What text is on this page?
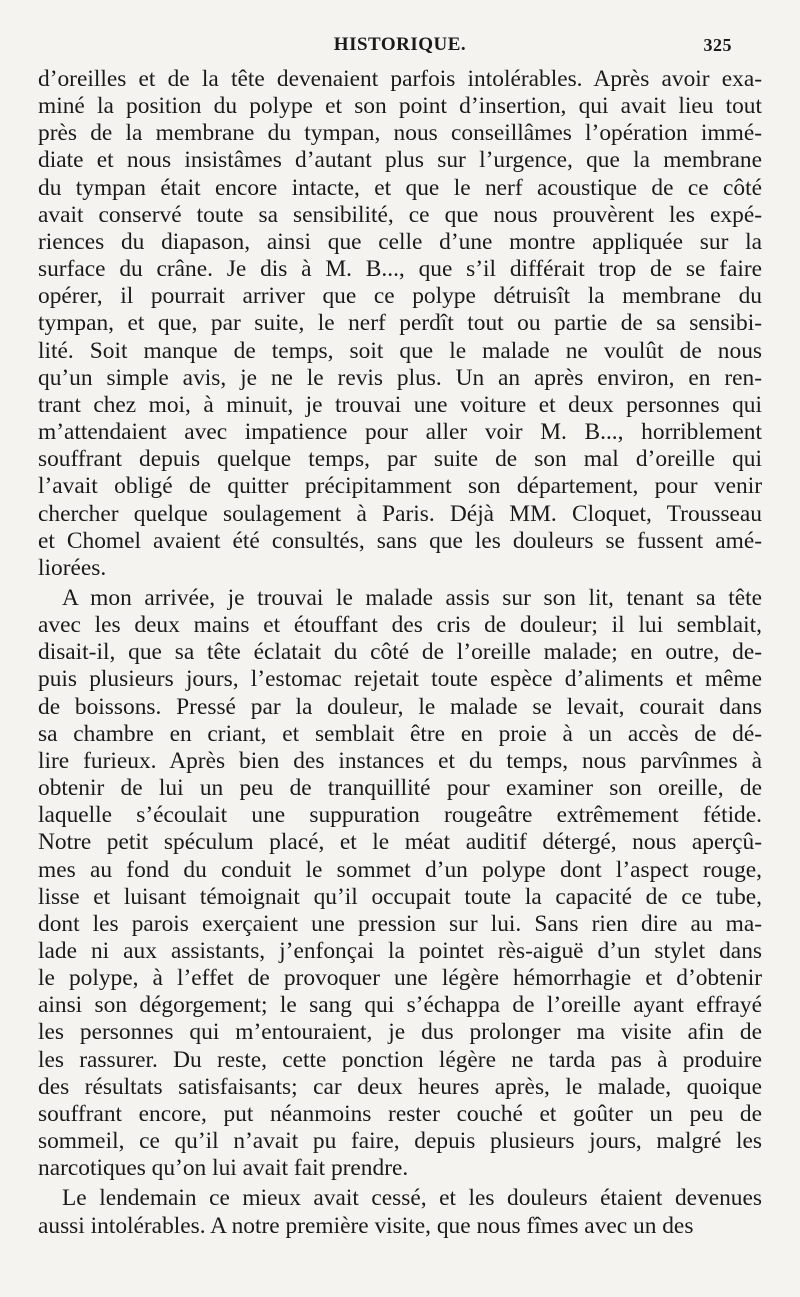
HISTORIQUE.	325
d’oreilles et de la tête devenaient parfois intolérables. Après avoir exa-
miné la position du polype et son point d’insertion, qui avait lieu tout
près de la membrane du tympan, nous conseillâmes l’opération immé-
diate et nous insistâmes d’autant plus sur l’urgence, que la membrane
du tympan était encore intacte, et que le nerf acoustique de ce côté
avait conservé toute sa sensibilité, ce que nous prouvèrent les expé-
riences du diapason, ainsi que celle d’une montre appliquée sur la
surface du crâne. Je dis à M. B..., que s’il différait trop de se faire
opérer, il pourrait arriver que ce polype détruisît la membrane du
tympan, et que, par suite, le nerf perdît tout ou partie de sa sensibi-
lité. Soit manque de temps, soit que le malade ne voulût de nous
qu’un simple avis, je ne le revis plus. Un an après environ, en ren-
trant chez moi, à minuit, je trouvai une voiture et deux personnes qui
m’attendaient avec impatience pour aller voir M. B..., horriblement
souffrant depuis quelque temps, par suite de son mal d’oreille qui
l’avait obligé de quitter précipitamment son département, pour venir
chercher quelque soulagement à Paris. Déjà MM. Cloquet, Trousseau
et Chomel avaient été consultés, sans que les douleurs se fussent amé-
liorées.
A mon arrivée, je trouvai le malade assis sur son lit, tenant sa tête
avec les deux mains et étouffant des cris de douleur; il lui semblait,
disait-il, que sa tête éclatait du côté de l’oreille malade; en outre, de-
puis plusieurs jours, l’estomac rejetait toute espèce d’aliments et même
de boissons. Pressé par la douleur, le malade se levait, courait dans
sa chambre en criant, et semblait être en proie à un accès de dé-
lire furieux. Après bien des instances et du temps, nous parvînmes à
obtenir de lui un peu de tranquillité pour examiner son oreille, de
laquelle s’écoulait une suppuration rougeâtre extrêmement fétide.
Notre petit spéculum placé, et le méat auditif détergé, nous aperçû-
mes au fond du conduit le sommet d’un polype dont l’aspect rouge,
lisse et luisant témoignait qu’il occupait toute la capacité de ce tube,
dont les parois exerçaient une pression sur lui. Sans rien dire au ma-
lade ni aux assistants, j’enfonçai la pointet rès-aiguë d’un stylet dans
le polype, à l’effet de provoquer une légère hémorrhagie et d’obtenir
ainsi son dégorgement; le sang qui s’échappa de l’oreille ayant effrayé
les personnes qui m’entouraient, je dus prolonger ma visite afin de
les rassurer. Du reste, cette ponction légère ne tarda pas à produire
des résultats satisfaisants; car deux heures après, le malade, quoique
souffrant encore, put néanmoins rester couché et goûter un peu de
sommeil, ce qu’il n’avait pu faire, depuis plusieurs jours, malgré les
narcotiques qu’on lui avait fait prendre.
Le lendemain ce mieux avait cessé, et les douleurs étaient devenues
aussi intolérables. A notre première visite, que nous fîmes avec un des
